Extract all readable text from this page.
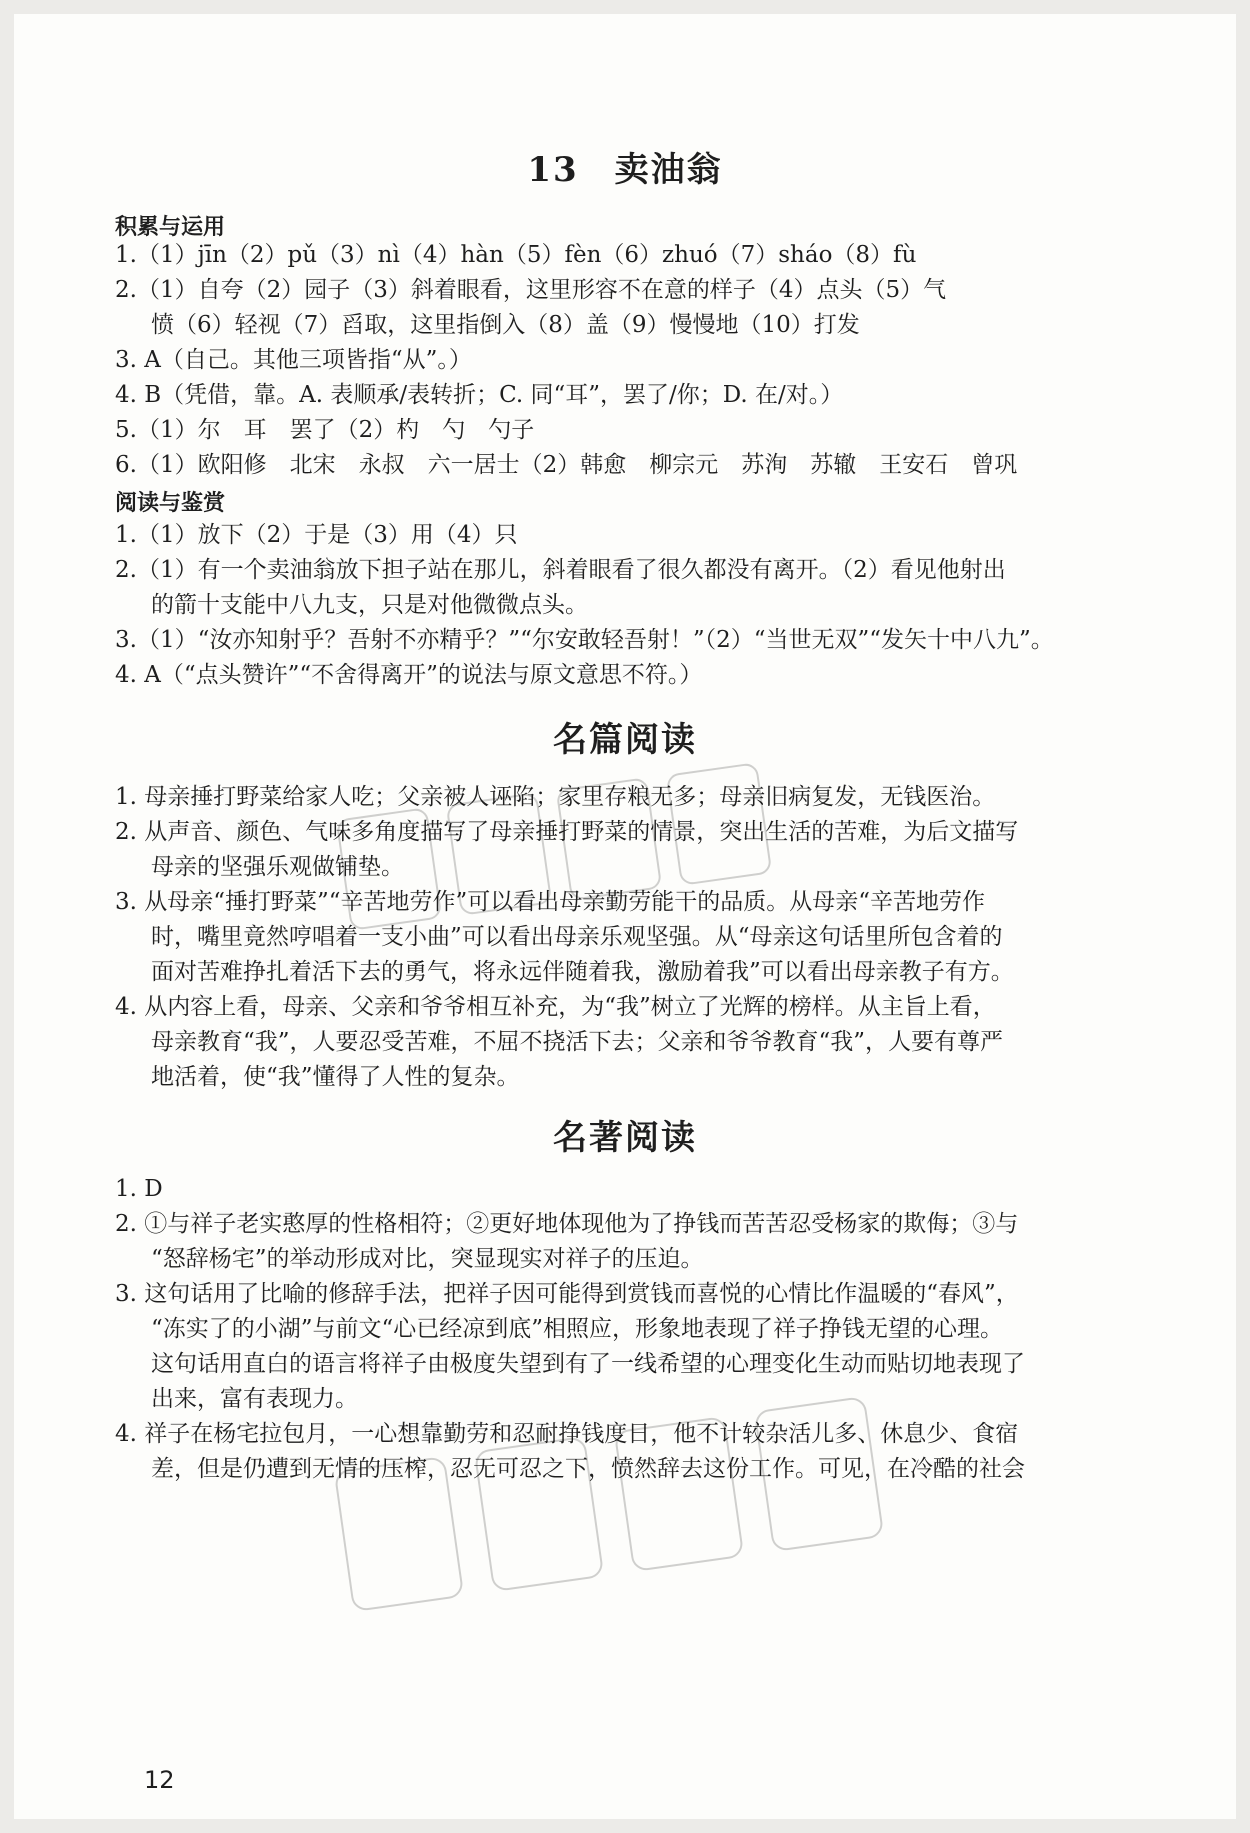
13　卖油翁
积累与运用
1.（1）jīn（2）pǔ（3）nì（4）hàn（5）fèn（6）zhuó（7）sháo（8）fù
2.（1）自夸（2）园子（3）斜着眼看，这里形容不在意的样子（4）点头（5）气
愤（6）轻视（7）舀取，这里指倒入（8）盖（9）慢慢地（10）打发
3. A（自己。其他三项皆指“从”。）
4. B（凭借，靠。A. 表顺承/表转折；C. 同“耳”，罢了/你；D. 在/对。）
5.（1）尔　耳　罢了（2）杓　勺　勺子
6.（1）欧阳修　北宋　永叔　六一居士（2）韩愈　柳宗元　苏洵　苏辙　王安石　曾巩
阅读与鉴赏
1.（1）放下（2）于是（3）用（4）只
2.（1）有一个卖油翁放下担子站在那儿，斜着眼看了很久都没有离开。（2）看见他射出
的箭十支能中八九支，只是对他微微点头。
3.（1）“汝亦知射乎？吾射不亦精乎？”“尔安敢轻吾射！”（2）“当世无双”“发矢十中八九”。
4. A（“点头赞许”“不舍得离开”的说法与原文意思不符。）
名篇阅读
1. 母亲捶打野菜给家人吃；父亲被人诬陷；家里存粮无多；母亲旧病复发，无钱医治。
2. 从声音、颜色、气味多角度描写了母亲捶打野菜的情景，突出生活的苦难，为后文描写
母亲的坚强乐观做铺垫。
3. 从母亲“捶打野菜”“辛苦地劳作”可以看出母亲勤劳能干的品质。从母亲“辛苦地劳作
时，嘴里竟然哼唱着一支小曲”可以看出母亲乐观坚强。从“母亲这句话里所包含着的
面对苦难挣扎着活下去的勇气，将永远伴随着我，激励着我”可以看出母亲教子有方。
4. 从内容上看，母亲、父亲和爷爷相互补充，为“我”树立了光辉的榜样。从主旨上看，
母亲教育“我”，人要忍受苦难，不屈不挠活下去；父亲和爷爷教育“我”，人要有尊严
地活着，使“我”懂得了人性的复杂。
名著阅读
1. D
2. ①与祥子老实憨厚的性格相符；②更好地体现他为了挣钱而苦苦忍受杨家的欺侮；③与
“怒辞杨宅”的举动形成对比，突显现实对祥子的压迫。
3. 这句话用了比喻的修辞手法，把祥子因可能得到赏钱而喜悦的心情比作温暖的“春风”，
“冻实了的小湖”与前文“心已经凉到底”相照应，形象地表现了祥子挣钱无望的心理。
这句话用直白的语言将祥子由极度失望到有了一线希望的心理变化生动而贴切地表现了
出来，富有表现力。
4. 祥子在杨宅拉包月，一心想靠勤劳和忍耐挣钱度日，他不计较杂活儿多、休息少、食宿
差，但是仍遭到无情的压榨，忍无可忍之下，愤然辞去这份工作。可见，在冷酷的社会
12
